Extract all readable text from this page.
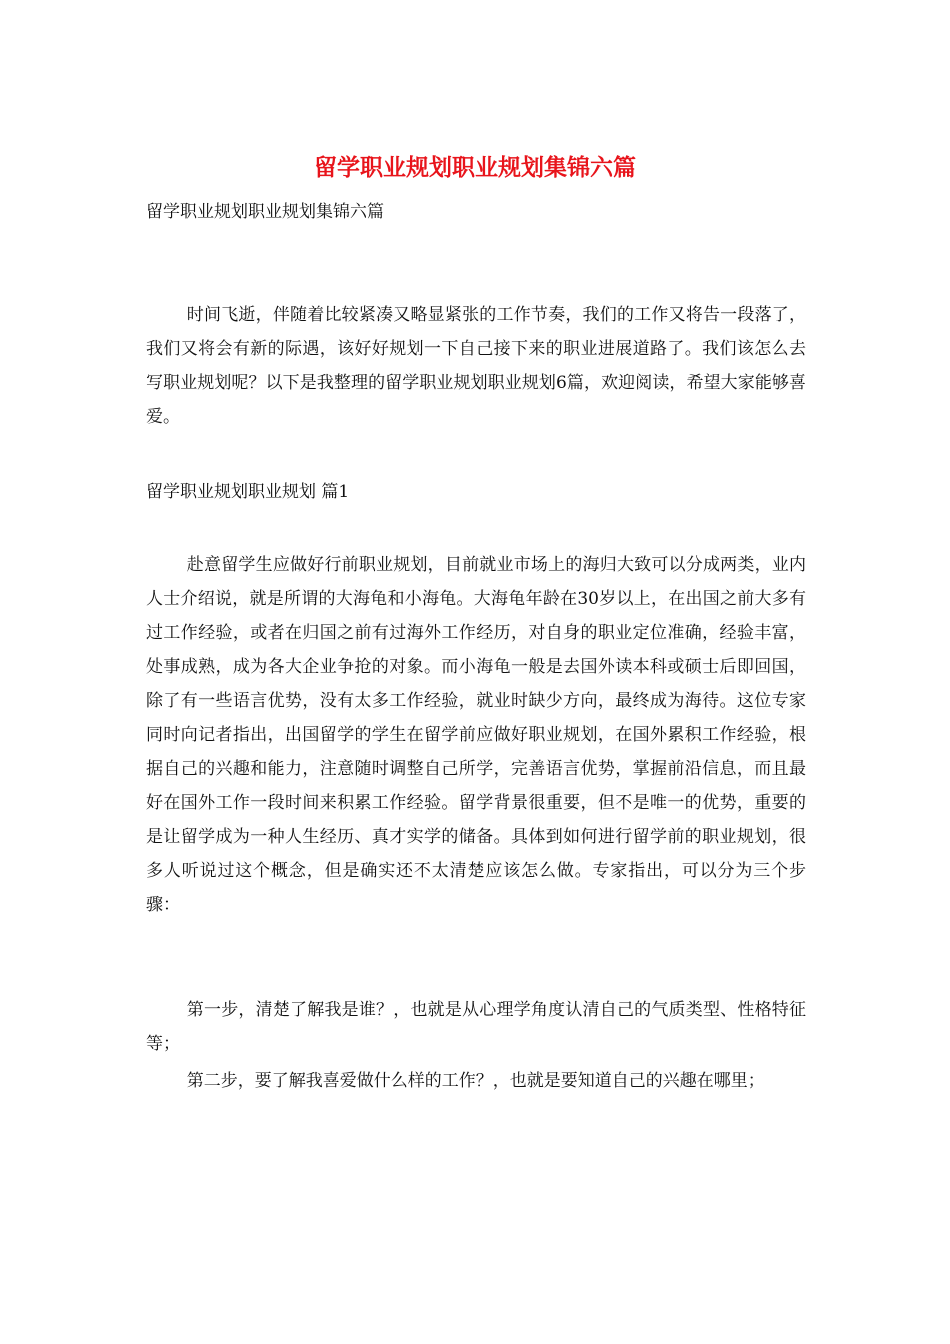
留学职业规划职业规划集锦六篇
留学职业规划职业规划集锦六篇

时间飞逝，伴随着比较紧凑又略显紧张的工作节奏，我们的工作又将告一段落了，我们又将会有新的际遇，该好好规划一下自己接下来的职业进展道路了。我们该怎么去写职业规划呢？以下是我整理的留学职业规划职业规划6篇，欢迎阅读，希望大家能够喜爱。

留学职业规划职业规划 篇1

赴意留学生应做好行前职业规划，目前就业市场上的海归大致可以分成两类，业内人士介绍说，就是所谓的大海龟和小海龟。大海龟年龄在30岁以上，在出国之前大多有过工作经验，或者在归国之前有过海外工作经历，对自身的职业定位准确，经验丰富，处事成熟，成为各大企业争抢的对象。而小海龟一般是去国外读本科或硕士后即回国，除了有一些语言优势，没有太多工作经验，就业时缺少方向，最终成为海待。这位专家同时向记者指出，出国留学的学生在留学前应做好职业规划，在国外累积工作经验，根据自己的兴趣和能力，注意随时调整自己所学，完善语言优势，掌握前沿信息，而且最好在国外工作一段时间来积累工作经验。留学背景很重要，但不是唯一的优势，重要的是让留学成为一种人生经历、真才实学的储备。具体到如何进行留学前的职业规划，很多人听说过这个概念，但是确实还不太清楚应该怎么做。专家指出，可以分为三个步骤：

第一步，清楚了解我是谁？，也就是从心理学角度认清自己的气质类型、性格特征等；

第二步，要了解我喜爱做什么样的工作？，也就是要知道自己的兴趣在哪里；
